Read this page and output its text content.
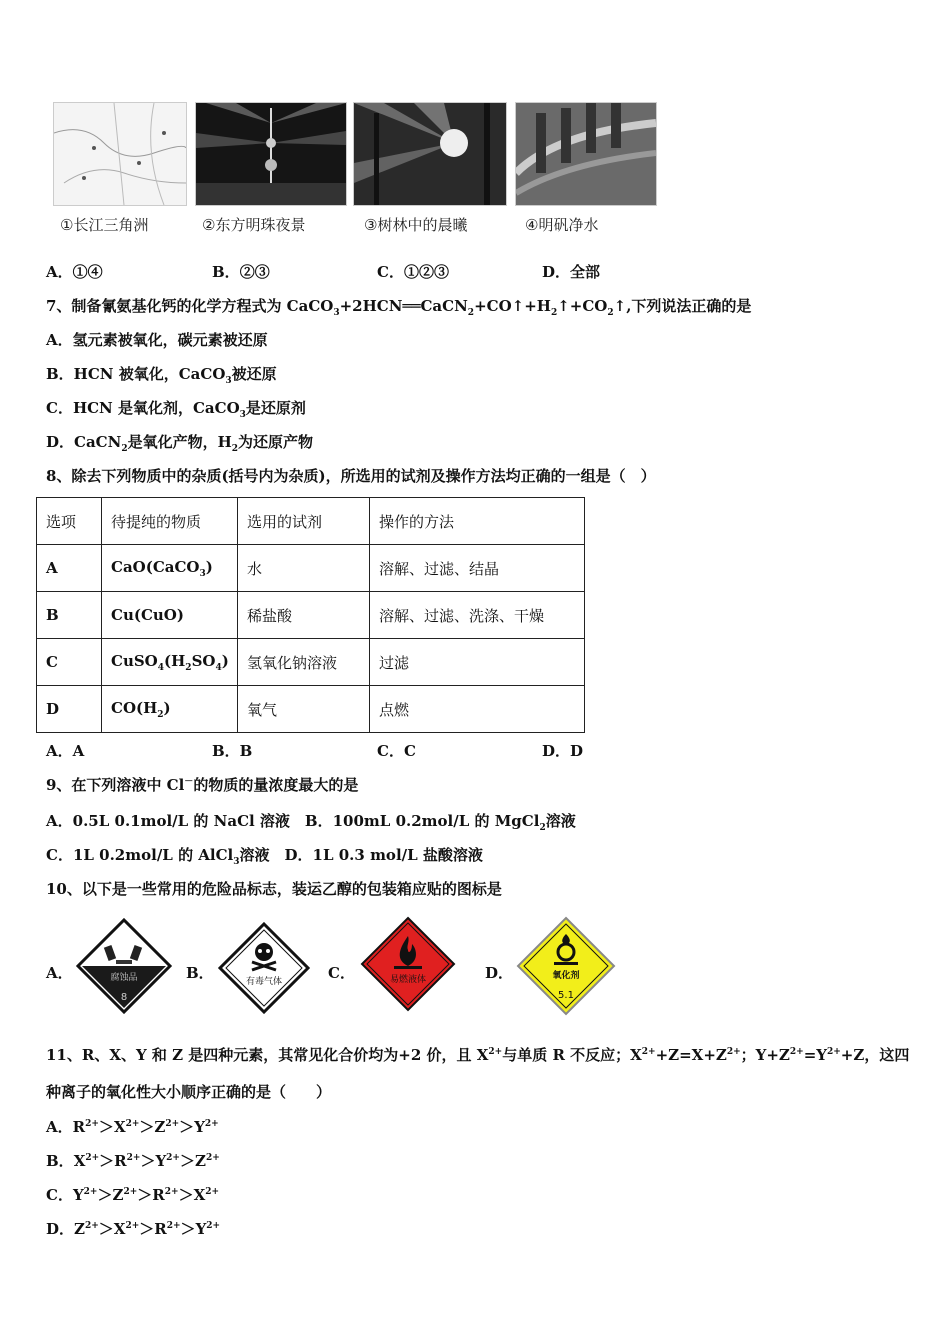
①长江三角洲	②东方明珠夜景	③树林中的晨曦	④明矾净水
A．①④	B．②③	C．①②③	D．全部
7、制备氰氨基化钙的化学方程式为 $CaCO_3+2HCN══CaCN_2+CO↑+H_2↑+CO_2↑$,下列说法正确的是
A．氢元素被氧化，碳元素被还原
B．HCN 被氧化，CaCO$_3$被还原
C．HCN 是氧化剂，CaCO$_3$是还原剂
D．CaCN$_2$是氧化产物，$H_2$为还原产物
8、除去下列物质中的杂质(括号内为杂质)，所选用的试剂及操作方法均正确的一组是（　）
选项	待提纯的物质	选用的试剂	操作的方法
A	CaO(CaCO$_3$)	水	溶解、过滤、结晶
B	Cu(CuO)	稀盐酸	溶解、过滤、洗涤、干燥
C	$CuSO_4(H_2SO_4)$	氢氧化钠溶液	过滤
D	$CO(H_2)$	氧气	点燃
A．A	B．B	C．C	D．D
9、在下列溶液中 Cl－的物质的量浓度最大的是
A．0.5L 0.1mol/L 的 NaCl 溶液　B．100mL 0.2mol/L 的 MgCl$_2$溶液
C．1L 0.2mol/L 的 AlCl$_3$溶液　D．1L 0.3 mol/L 盐酸溶液
10、以下是一些常用的危险品标志，装运乙醇的包装箱应贴的图标是
A．	腐蚀品
8
B．	有毒气体	C．	易燃液体	D．	氧化剂
5.1
11、R、X、Y 和 Z 是四种元素，其常见化合价均为+2 价，且 $X^{2+}$与单质 R 不反应；$X^{2+}+Z=X+Z^{2+}$；$Y+Z^{2+}=Y^{2+}+Z$，这四
种离子的氧化性大小顺序正确的是（　　）
A．$R^{2+}>X^{2+}>Z^{2+}>Y^{2+}$
B．$X^{2+}>R^{2+}>Y^{2+}>Z^{2+}$
C．$Y^{2+}>Z^{2+}>R^{2+}>X^{2+}$
D．$Z^{2+}>X^{2+}>R^{2+}>Y^{2+}$
